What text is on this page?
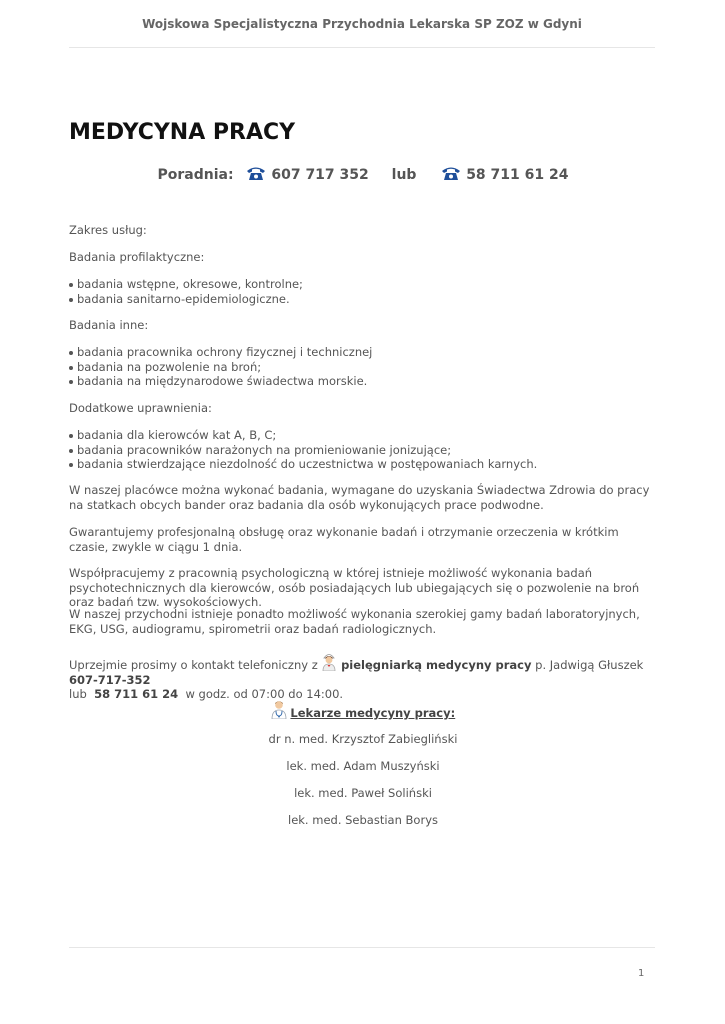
Wojskowa Specjalistyczna Przychodnia Lekarska SP ZOZ w Gdyni
MEDYCYNA PRACY
Poradnia:	607 717 352 lub	58 711 61 24

Zakres usług:

Badania profilaktyczne:

badania wstępne, okresowe, kontrolne;
badania sanitarno-epidemiologiczne.

Badania inne:

badania pracownika ochrony fizycznej i technicznej
badania na pozwolenie na broń;
badania na międzynarodowe świadectwa morskie.

Dodatkowe uprawnienia:

badania dla kierowców kat A, B, C;
badania pracowników narażonych na promieniowanie jonizujące;
badania stwierdzające niezdolność do uczestnictwa w postępowaniach karnych.

W naszej placówce można wykonać badania, wymagane do uzyskania Świadectwa Zdrowia do pracy na statkach obcych bander oraz badania dla osób wykonujących prace podwodne.

Gwarantujemy profesjonalną obsługę oraz wykonanie badań i otrzymanie orzeczenia w krótkim czasie, zwykle w ciągu 1 dnia.

Współpracujemy z pracownią psychologiczną w której istnieje możliwość wykonania badań psychotechnicznych dla kierowców, osób posiadających lub ubiegających się o pozwolenie na broń oraz badań tzw. wysokościowych.

W naszej przychodni istnieje ponadto możliwość wykonania szerokiej gamy badań laboratoryjnych, EKG, USG, audiogramu, spirometrii oraz badań radiologicznych.

Uprzejmie prosimy o kontakt telefoniczny z pielęgniarką medycyny pracy p. Jadwigą Głuszek  607-717-352
lub 58 711 61 24 w godz. od 07:00 do 14:00.

Lekarze medycyny pracy:
dr n. med. Krzysztof Zabiegliński
lek. med. Adam Muszyński
lek. med. Paweł Soliński
lek. med. Sebastian Borys
1
